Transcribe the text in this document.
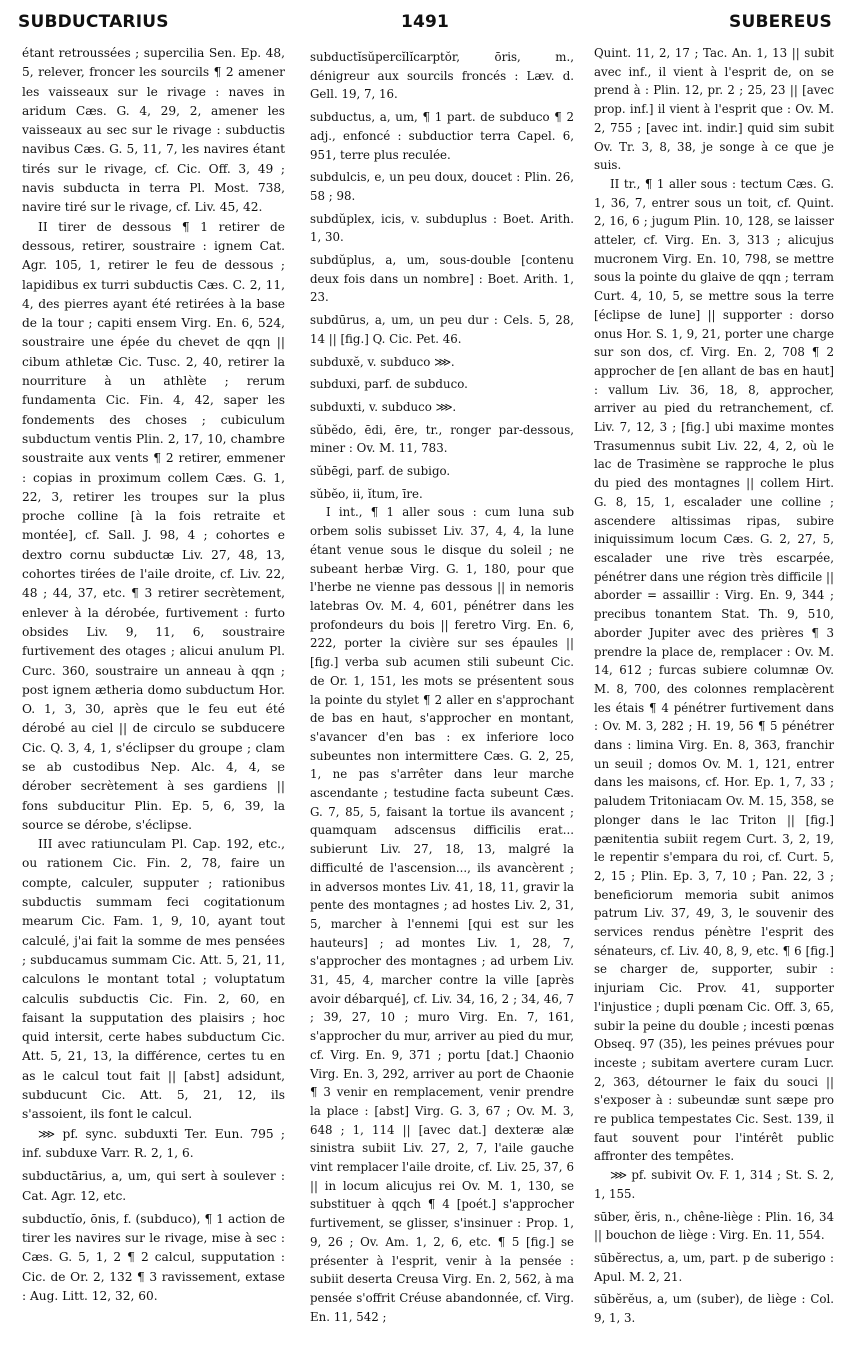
SUBDUCTARIUS	1491	SUBEREUS

étant retroussées ; supercilia Sen. Ep. 48, 5, relever, froncer les sourcils ¶ 2 amener les vaisseaux sur le rivage : naves in aridum Cæs. G. 4, 29, 2, amener les vaisseaux au sec sur le rivage : subductis navibus Cæs. G. 5, 11, 7, les navires étant tirés sur le rivage, cf. Cic. Off. 3, 49 ; navis subducta in terra Pl. Most. 738, navire tiré sur le rivage, cf. Liv. 45, 42.

II tirer de dessous ¶ 1 retirer de dessous, retirer, soustraire : ignem Cat. Agr. 105, 1, retirer le feu de dessous ; lapidibus ex turri subductis Cæs. C. 2, 11, 4, des pierres ayant été retirées à la base de la tour ; capiti ensem Virg. En. 6, 524, soustraire une épée du chevet de qqn || cibum athletæ Cic. Tusc. 2, 40, retirer la nourriture à un athlète ; rerum fundamenta Cic. Fin. 4, 42, saper les fondements des choses ; cubiculum subductum ventis Plin. 2, 17, 10, chambre soustraite aux vents ¶ 2 retirer, emmener : copias in proximum collem Cæs. G. 1, 22, 3, retirer les troupes sur la plus proche colline [à la fois retraite et montée], cf. Sall. J. 98, 4 ; cohortes e dextro cornu subductæ Liv. 27, 48, 13, cohortes tirées de l'aile droite, cf. Liv. 22, 48 ; 44, 37, etc. ¶ 3 retirer secrètement, enlever à la dérobée, furtivement : furto obsides Liv. 9, 11, 6, soustraire furtivement des otages ; alicui anulum Pl. Curc. 360, soustraire un anneau à qqn ; post ignem ætheria domo subductum Hor. O. 1, 3, 30, après que le feu eut été dérobé au ciel || de circulo se subducere Cic. Q. 3, 4, 1, s'éclipser du groupe ; clam se ab custodibus Nep. Alc. 4, 4, se dérober secrètement à ses gardiens || fons subducitur Plin. Ep. 5, 6, 39, la source se dérobe, s'éclipse.

III avec ratiunculam Pl. Cap. 192, etc., ou rationem Cic. Fin. 2, 78, faire un compte, calculer, supputer ; rationibus subductis summam feci cogitationum mearum Cic. Fam. 1, 9, 10, ayant tout calculé, j'ai fait la somme de mes pensées ; subducamus summam Cic. Att. 5, 21, 11, calculons le montant total ; voluptatum calculis subductis Cic. Fin. 2, 60, en faisant la supputation des plaisirs ; hoc quid intersit, certe habes subductum Cic. Att. 5, 21, 13, la différence, certes tu en as le calcul tout fait || [abst] adsidunt, subducunt Cic. Att. 5, 21, 12, ils s'assoient, ils font le calcul.

⋙ pf. sync. subduxti Ter. Eun. 795 ; inf. subduxe Varr. R. 2, 1, 6.

subductārius, a, um, qui sert à soulever : Cat. Agr. 12, etc.

subductĭo, ōnis, f. (subduco), ¶ 1 action de tirer les navires sur le rivage, mise à sec : Cæs. G. 5, 1, 2 ¶ 2 calcul, supputation : Cic. de Or. 2, 132 ¶ 3 ravissement, extase : Aug. Litt. 12, 32, 60.

subductĭsŭpercĭlĭcarptŏr, ōris, m., dénigreur aux sourcils froncés : Læv. d. Gell. 19, 7, 16.

subductus, a, um, ¶ 1 part. de subduco ¶ 2 adj., enfoncé : subductior terra Capel. 6, 951, terre plus reculée.

subdulcis, e, un peu doux, doucet : Plin. 26, 58 ; 98.

subdŭplex, icis, v. subduplus : Boet. Arith. 1, 30.

subdŭplus, a, um, sous-double [contenu deux fois dans un nombre] : Boet. Arith. 1, 23.

subdūrus, a, um, un peu dur : Cels. 5, 28, 14 || [fig.] Q. Cic. Pet. 46.

subduxĕ, v. subduco ⋙.

subduxi, parf. de subduco.

subduxti, v. subduco ⋙.

sŭbĕdo, ēdi, ēre, tr., ronger par-dessous, miner : Ov. M. 11, 783.

sŭbēgi, parf. de subigo.

sŭbĕo, ii, ĭtum, īre.

I int., ¶ 1 aller sous : cum luna sub orbem solis subisset Liv. 37, 4, 4, la lune étant venue sous le disque du soleil ; ne subeant herbæ Virg. G. 1, 180, pour que l'herbe ne vienne pas dessous || in nemoris latebras Ov. M. 4, 601, pénétrer dans les profondeurs du bois || feretro Virg. En. 6, 222, porter la civière sur ses épaules || [fig.] verba sub acumen stili subeunt Cic. de Or. 1, 151, les mots se présentent sous la pointe du stylet ¶ 2 aller en s'approchant de bas en haut, s'approcher en montant, s'avancer d'en bas : ex inferiore loco subeuntes non intermittere Cæs. G. 2, 25, 1, ne pas s'arrêter dans leur marche ascendante ; testudine facta subeunt Cæs. G. 7, 85, 5, faisant la tortue ils avancent ; quamquam adscensus difficilis erat... subierunt Liv. 27, 18, 13, malgré la difficulté de l'ascension..., ils avancèrent ; in adversos montes Liv. 41, 18, 11, gravir la pente des montagnes ; ad hostes Liv. 2, 31, 5, marcher à l'ennemi [qui est sur les hauteurs] ; ad montes Liv. 1, 28, 7, s'approcher des montagnes ; ad urbem Liv. 31, 45, 4, marcher contre la ville [après avoir débarqué], cf. Liv. 34, 16, 2 ; 34, 46, 7 ; 39, 27, 10 ; muro Virg. En. 7, 161, s'approcher du mur, arriver au pied du mur, cf. Virg. En. 9, 371 ; portu [dat.] Chaonio Virg. En. 3, 292, arriver au port de Chaonie ¶ 3 venir en remplacement, venir prendre la place : [abst] Virg. G. 3, 67 ; Ov. M. 3, 648 ; 1, 114 || [avec dat.] dexteræ alæ sinistra subiit Liv. 27, 2, 7, l'aile gauche vint remplacer l'aile droite, cf. Liv. 25, 37, 6 || in locum alicujus rei Ov. M. 1, 130, se substituer à qqch ¶ 4 [poét.] s'approcher furtivement, se glisser, s'insinuer : Prop. 1, 9, 26 ; Ov. Am. 1, 2, 6, etc. ¶ 5 [fig.] se présenter à l'esprit, venir à la pensée : subiit deserta Creusa Virg. En. 2, 562, à ma pensée s'offrit Créuse abandonnée, cf. Virg. En. 11, 542 ;

Quint. 11, 2, 17 ; Tac. An. 1, 13 || subit avec inf., il vient à l'esprit de, on se prend à : Plin. 12, pr. 2 ; 25, 23 || [avec prop. inf.] il vient à l'esprit que : Ov. M. 2, 755 ; [avec int. indir.] quid sim subit Ov. Tr. 3, 8, 38, je songe à ce que je suis.

II tr., ¶ 1 aller sous : tectum Cæs. G. 1, 36, 7, entrer sous un toit, cf. Quint. 2, 16, 6 ; jugum Plin. 10, 128, se laisser atteler, cf. Virg. En. 3, 313 ; alicujus mucronem Virg. En. 10, 798, se mettre sous la pointe du glaive de qqn ; terram Curt. 4, 10, 5, se mettre sous la terre [éclipse de lune] || supporter : dorso onus Hor. S. 1, 9, 21, porter une charge sur son dos, cf. Virg. En. 2, 708 ¶ 2 approcher de [en allant de bas en haut] : vallum Liv. 36, 18, 8, approcher, arriver au pied du retranchement, cf. Liv. 7, 12, 3 ; [fig.] ubi maxime montes Trasumennus subit Liv. 22, 4, 2, où le lac de Trasimène se rapproche le plus du pied des montagnes || collem Hirt. G. 8, 15, 1, escalader une colline ; ascendere altissimas ripas, subire iniquissimum locum Cæs. G. 2, 27, 5, escalader une rive très escarpée, pénétrer dans une région très difficile || aborder = assaillir : Virg. En. 9, 344 ; precibus tonantem Stat. Th. 9, 510, aborder Jupiter avec des prières ¶ 3 prendre la place de, remplacer : Ov. M. 14, 612 ; furcas subiere columnæ Ov. M. 8, 700, des colonnes remplacèrent les étais ¶ 4 pénétrer furtivement dans : Ov. M. 3, 282 ; H. 19, 56 ¶ 5 pénétrer dans : limina Virg. En. 8, 363, franchir un seuil ; domos Ov. M. 1, 121, entrer dans les maisons, cf. Hor. Ep. 1, 7, 33 ; paludem Tritoniacam Ov. M. 15, 358, se plonger dans le lac Triton || [fig.] pænitentia subiit regem Curt. 3, 2, 19, le repentir s'empara du roi, cf. Curt. 5, 2, 15 ; Plin. Ep. 3, 7, 10 ; Pan. 22, 3 ; beneficiorum memoria subit animos patrum Liv. 37, 49, 3, le souvenir des services rendus pénètre l'esprit des sénateurs, cf. Liv. 40, 8, 9, etc. ¶ 6 [fig.] se charger de, supporter, subir : injuriam Cic. Prov. 41, supporter l'injustice ; dupli pœnam Cic. Off. 3, 65, subir la peine du double ; incesti pœnas Obseq. 97 (35), les peines prévues pour inceste ; subitam avertere curam Lucr. 2, 363, détourner le faix du souci || s'exposer à : subeundæ sunt sæpe pro re publica tempestates Cic. Sest. 139, il faut souvent pour l'intérêt public affronter des tempêtes.

⋙ pf. subivit Ov. F. 1, 314 ; St. S. 2, 1, 155.

sūber, ĕris, n., chêne-liège : Plin. 16, 34 || bouchon de liège : Virg. En. 11, 554.

sūbĕrectus, a, um, part. p de suberigo : Apul. M. 2, 21.

sūbĕrĕus, a, um (suber), de liège : Col. 9, 1, 3.
